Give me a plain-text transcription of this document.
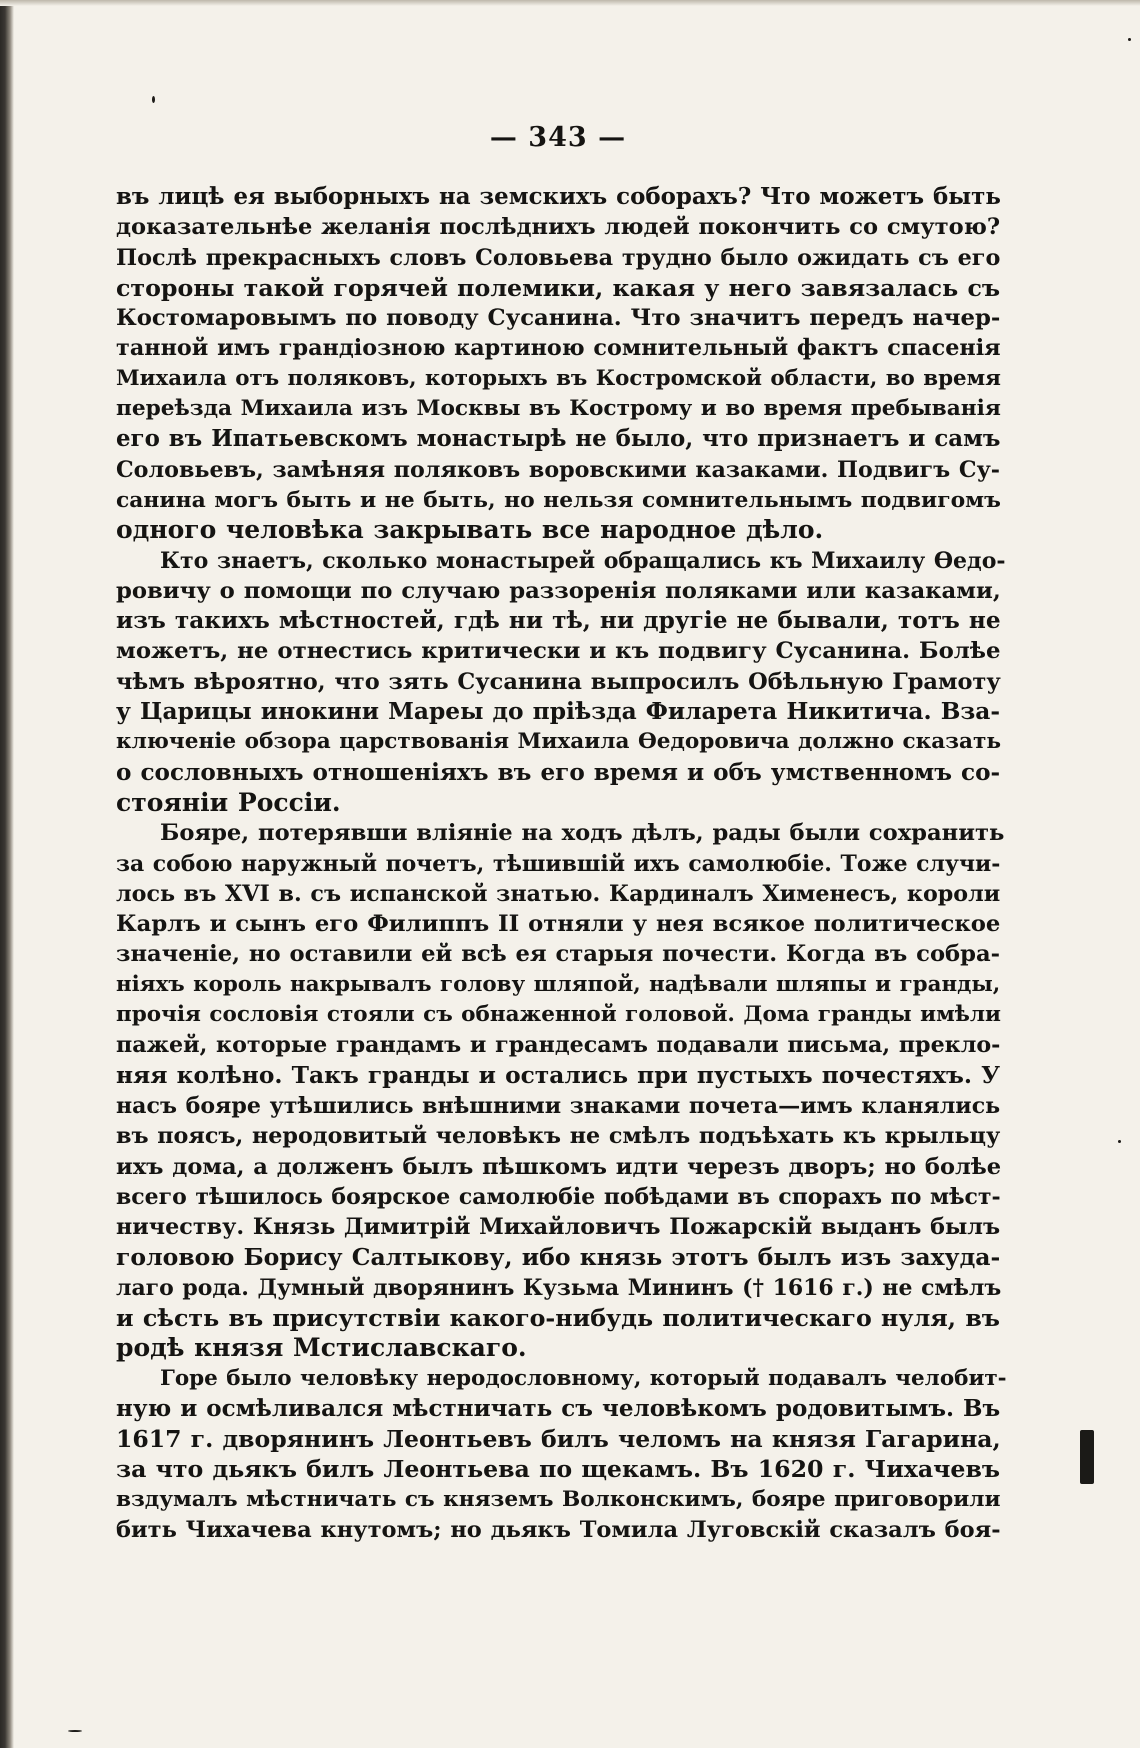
— 343 —
въ лицѣ ея выборныхъ на земскихъ соборахъ? Что можетъ быть
доказательнѣе желанія послѣднихъ людей покончить со смутою?
Послѣ прекрасныхъ словъ Соловьева трудно было ожидать съ его
стороны такой горячей полемики, какая у него завязалась съ
Костомаровымъ по поводу Сусанина. Что значитъ передъ начер-
танной имъ грандіозною картиною сомнительный фактъ спасенія
Михаила отъ поляковъ, которыхъ въ Костромской области, во время
переѣзда Михаила изъ Москвы въ Кострому и во время пребыванія
его въ Ипатьевскомъ монастырѣ не было, что признаетъ и самъ
Соловьевъ, замѣняя поляковъ воровскими казаками. Подвигъ Су-
санина могъ быть и не быть, но нельзя сомнительнымъ подвигомъ
одного человѣка закрывать все народное дѣло.
Кто знаетъ, сколько монастырей обращались къ Михаилу Ѳедо-
ровичу о помощи по случаю раззоренія поляками или казаками,
изъ такихъ мѣстностей, гдѣ ни тѣ, ни другіе не бывали, тотъ не
можетъ, не отнестись критически и къ подвигу Сусанина. Болѣе
чѣмъ вѣроятно, что зять Сусанина выпросилъ Обѣльную Грамоту
у Царицы инокини Мареы до пріѣзда Филарета Никитича. Вза-
ключеніе обзора царствованія Михаила Ѳедоровича должно сказать
о сословныхъ отношеніяхъ въ его время и объ умственномъ со-
стояніи Россіи.
Бояре, потерявши вліяніе на ходъ дѣлъ, рады были сохранить
за собою наружный почетъ, тѣшившій ихъ самолюбіе. Тоже случи-
лось въ XVI в. съ испанской знатью. Кардиналъ Хименесъ, короли
Карлъ и сынъ его Филиппъ II отняли у нея всякое политическое
значеніе, но оставили ей всѣ ея старыя почести. Когда въ собра-
ніяхъ король накрывалъ голову шляпой, надѣвали шляпы и гранды,
прочія сословія стояли съ обнаженной головой. Дома гранды имѣли
пажей, которые грандамъ и грандесамъ подавали письма, преклo-
няя колѣно. Такъ гранды и остались при пустыхъ почестяхъ. У
насъ бояре утѣшились внѣшними знаками почета—имъ кланялись
въ поясъ, неродовитый человѣкъ не смѣлъ подъѣхать къ крыльцу
ихъ дома, а долженъ былъ пѣшкомъ идти черезъ дворъ; но болѣе
всего тѣшилось боярское самолюбіе побѣдами въ спорахъ по мѣст-
ничеству. Князь Димитрій Михайловичъ Пожарскій выданъ былъ
головою Борису Салтыкову, ибо князь этотъ былъ изъ захуда-
лаго рода. Думный дворянинъ Кузьма Мининъ († 1616 г.) не смѣлъ
и сѣсть въ присутствіи какого-нибудь политическаго нуля, въ
родѣ князя Мстиславскаго.
Горе было человѣку неродословному, который подавалъ челобит-
ную и осмѣливался мѣстничать съ человѣкомъ родовитымъ. Въ
1617 г. дворянинъ Леонтьевъ билъ челомъ на князя Гагарина,
за что дьякъ билъ Леонтьева по щекамъ. Въ 1620 г. Чихачевъ
вздумалъ мѣстничать съ княземъ Волконскимъ, бояре приговорили
бить Чихачева кнутомъ; но дьякъ Томила Луговскій сказалъ боя-
